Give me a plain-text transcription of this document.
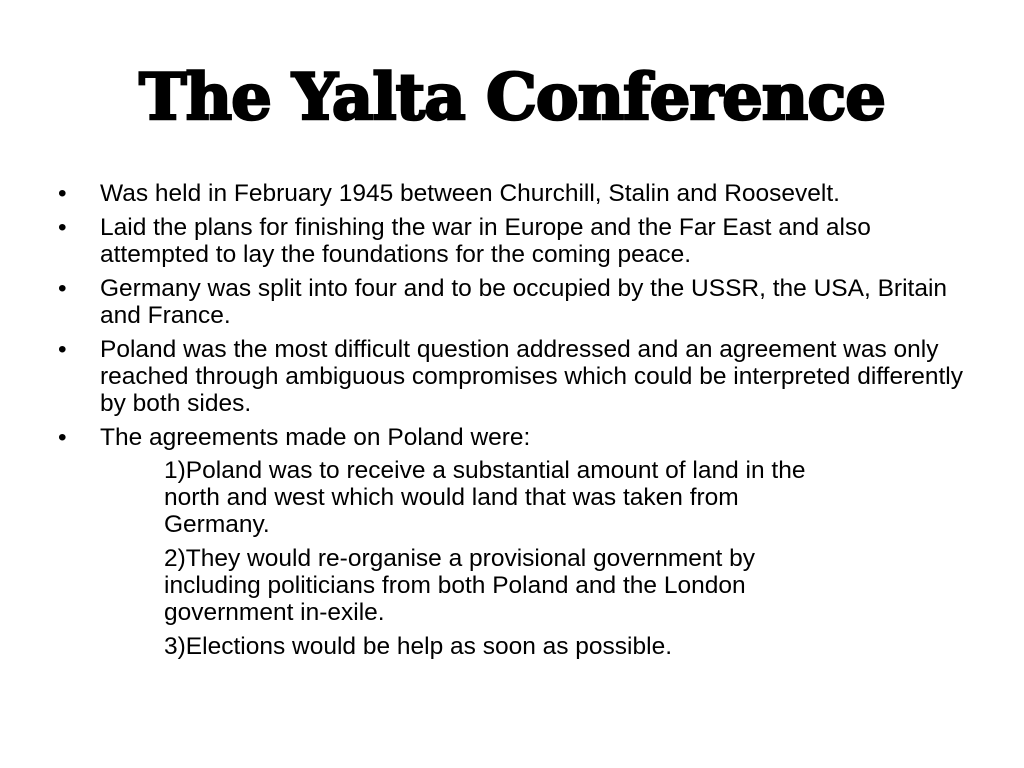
The Yalta Conference
•	Was held in February 1945 between Churchill, Stalin and Roosevelt.
•	Laid the plans for finishing the war in Europe and the Far East and also attempted to lay the foundations for the coming peace.
•	Germany was split into four and to be occupied by the USSR, the USA, Britain and France.
•	Poland was the most difficult question addressed and an agreement was only reached through ambiguous compromises which could be interpreted differently by both sides.
•	The agreements made on Poland were:
1)Poland was to receive a substantial amount of land in the north and west which would land that was taken from Germany.
2)They would re-organise a provisional government by including politicians from both Poland and the London government in-exile.
3)Elections would be help as soon as possible.
